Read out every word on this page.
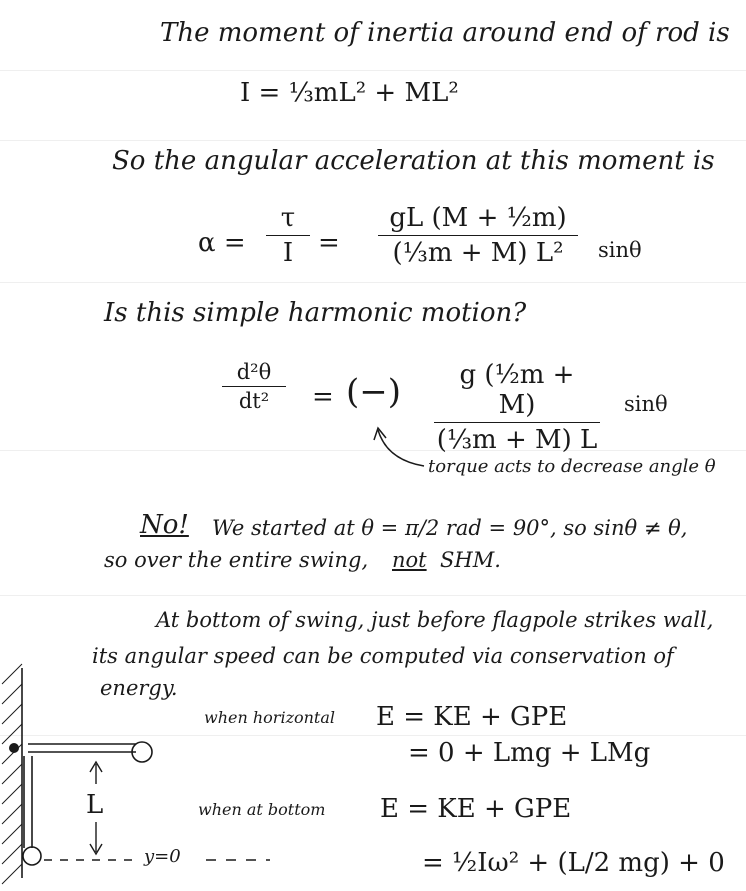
The moment of inertia around end of rod is
I = ⅓mL² + ML²
So the angular acceleration at this moment is
$\alpha = \frac{\tau}{I} = \frac{\text{gL (M + ½m)}}{\text{(⅓m + M) L²}}$ sinθ
Is this simple harmonic motion?
$\frac{\text{d²θ}}{\text{dt²}}$ = (−) $\frac{\text{g (½m + M)}}{\text{(⅓m + M) L}}$ sinθ
torque acts to decrease angle θ
No! We started at θ = π/2 rad = 90°, so sinθ ≠ θ,
so over the entire swing, not SHM.
At bottom of swing, just before flagpole strikes wall,
its angular speed can be computed via conservation of
energy.
when horizontal E = KE + GPE
= 0 + Lmg + LMg
when at bottom E = KE + GPE
= ½Iω² + (L/2 mg) + 0
L
y=0
